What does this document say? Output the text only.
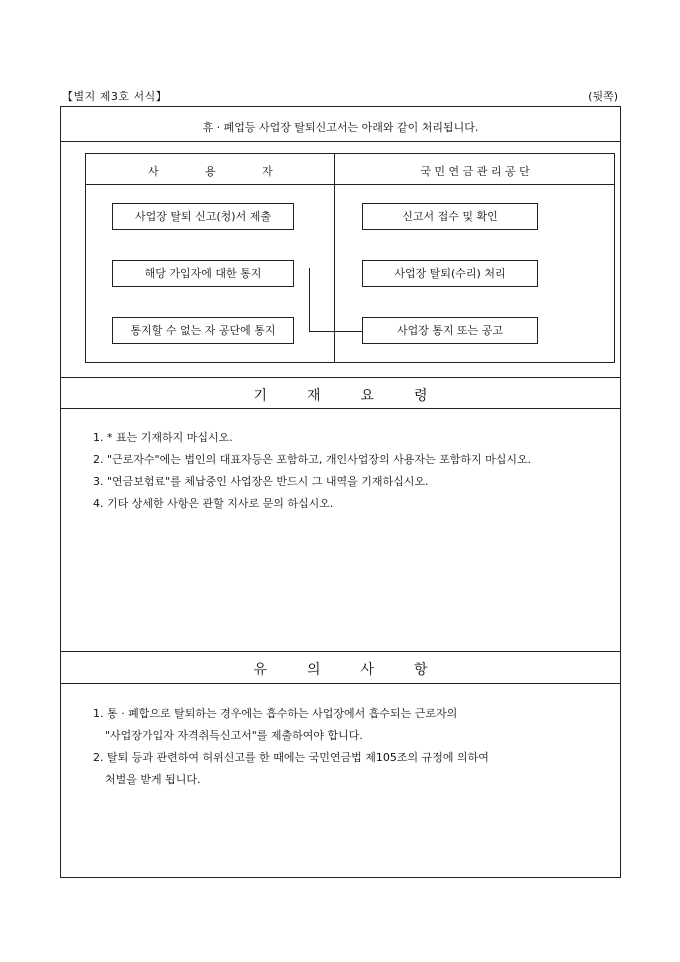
【별지 제3호 서식】	(뒷쪽)
휴 · 폐업등 사업장 탈퇴신고서는 아래와 같이 처리됩니다.
사	용	자	국 민 연 금 관 리 공 단
사업장 탈퇴 신고(청)서 제출
해당 가입자에 대한 통지
통지할 수 없는 자 공단에 통지
신고서 접수 및 확인
사업장 탈퇴(수리) 처리
사업장 통지 또는 공고
기	재	요	령
1. * 표는 기재하지 마십시오.
2. "근로자수"에는 법인의 대표자등은 포함하고, 개인사업장의 사용자는 포함하지 마십시오.
3. "연금보험료"를 체납중인 사업장은 반드시 그 내역을 기재하십시오.
4. 기타 상세한 사항은 관할 지사로 문의 하십시오.
유	의	사	항
1. 통 · 폐합으로 탈퇴하는 경우에는 흡수하는 사업장에서 흡수되는 근로자의
"사업장가입자 자격취득신고서"를 제출하여야 합니다.
2. 탈퇴 등과 관련하여 허위신고를 한 때에는 국민연금법 제105조의 규정에 의하여
처벌을 받게 됩니다.
